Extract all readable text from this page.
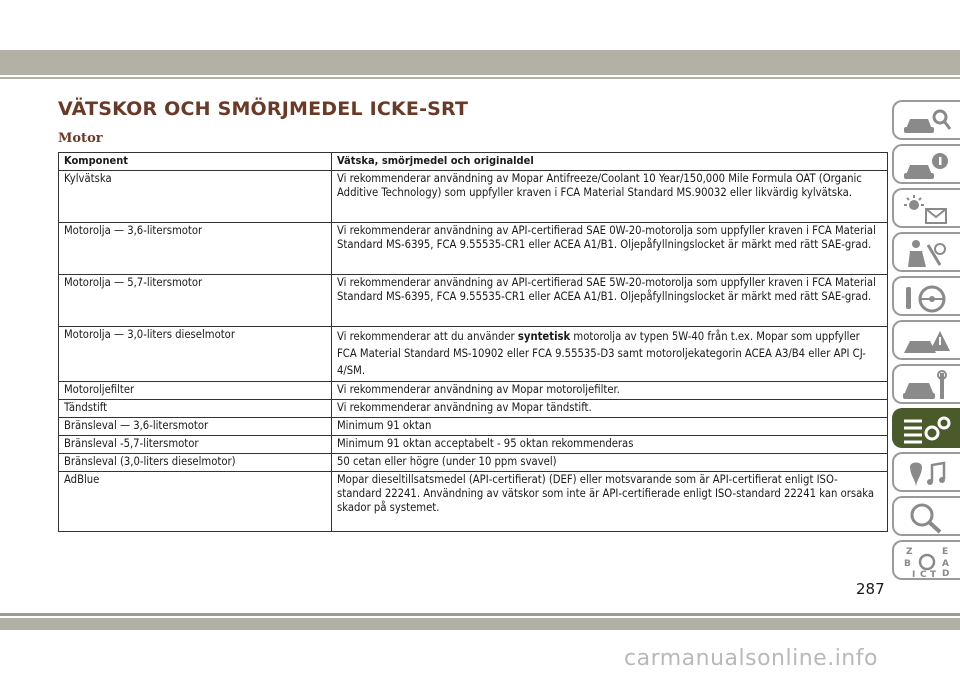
VÄTSKOR OCH SMÖRJMEDEL ICKE-SRT
Motor
Komponent	Vätska, smörjmedel och originaldel
Kylvätska	Vi rekommenderar användning av Mopar Antifreeze/Coolant 10 Year/150,000 Mile Formula OAT (Organic Additive Technology) som uppfyller kraven i FCA Material Standard MS.90032 eller likvärdig kylvätska.
Motorolja — 3,6-litersmotor	Vi rekommenderar användning av API-certifierad SAE 0W-20-motorolja som uppfyller kraven i FCA Material Standard MS-6395, FCA 9.55535-CR1 eller ACEA A1/B1. Oljepåfyllningslocket är märkt med rätt SAE-grad.
Motorolja — 5,7-litersmotor	Vi rekommenderar användning av API-certifierad SAE 5W-20-motorolja som uppfyller kraven i FCA Material Standard MS-6395, FCA 9.55535-CR1 eller ACEA A1/B1. Oljepåfyllningslocket är märkt med rätt SAE-grad.
Motorolja — 3,0-liters dieselmotor	Vi rekommenderar att du använder syntetisk motorolja av typen 5W-40 från t.ex. Mopar som uppfyller FCA Material Standard MS-10902 eller FCA 9.55535-D3 samt motoroljekategorin ACEA A3/B4 eller API CJ-4/SM.
Motoroljefilter	Vi rekommenderar användning av Mopar motoroljefilter.
Tändstift	Vi rekommenderar användning av Mopar tändstift.
Bränsleval — 3,6-litersmotor	Minimum 91 oktan
Bränsleval -5,7-litersmotor	Minimum 91 oktan acceptabelt - 95 oktan rekommenderas
Bränsleval (3,0-liters dieselmotor)	50 cetan eller högre (under 10 ppm svavel)
AdBlue	Mopar dieseltillsatsmedel (API-certifierat) (DEF) eller motsvarande som är API-certifierat enligt ISO-standard 22241. Användning av vätskor som inte är API-certifierade enligt ISO-standard 22241 kan orsaka skador på systemet.
Z	E
B	A
I C T D
287
carmanualsonline.info
